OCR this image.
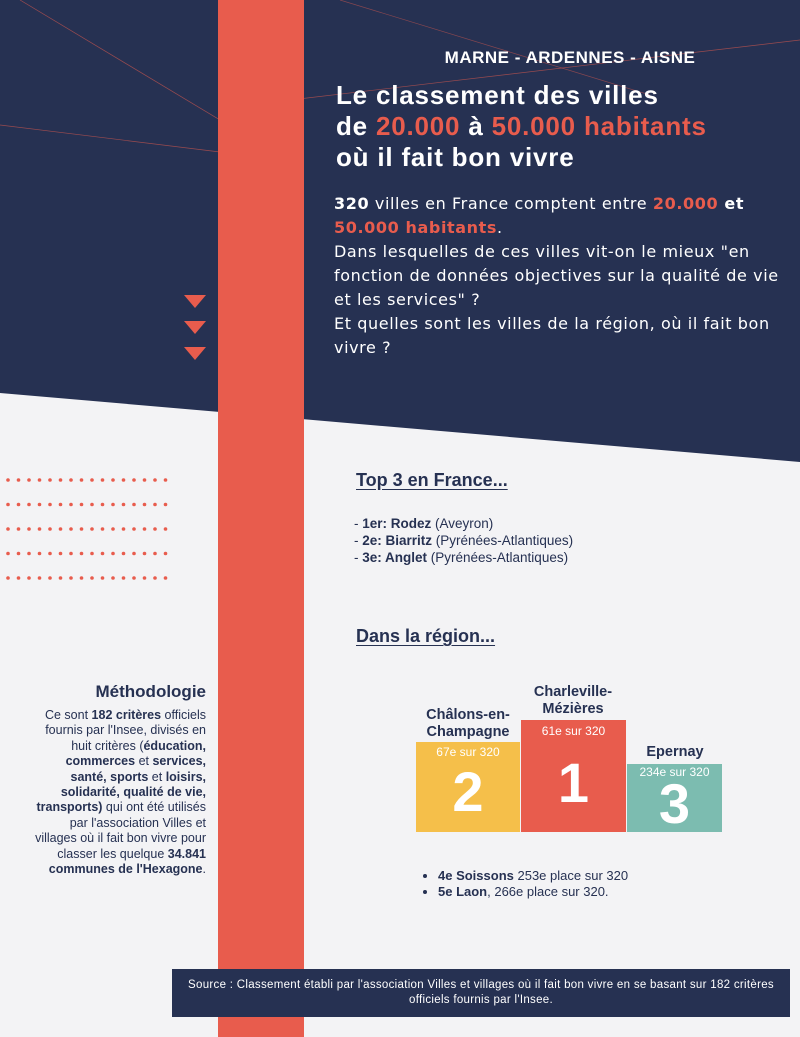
MARNE - ARDENNES - AISNE
Le classement des villes
de 20.000 à 50.000 habitants
où il fait bon vivre
320 villes en France comptent entre 20.000 et 50.000 habitants.
Dans lesquelles de ces villes vit-on le mieux "en fonction de données objectives sur la qualité de vie et les services" ?
Et quelles sont les villes de la région, où il fait bon vivre ?
Top 3 en France...
- 1er: Rodez (Aveyron)
- 2e: Biarritz (Pyrénées-Atlantiques)
- 3e: Anglet (Pyrénées-Atlantiques)
Dans la région...
Châlons-en-
Champagne
Charleville-
Mézières
Epernay
67e sur 320
61e sur 320
234e sur 320
2	1	3
• 4e Soissons 253e place sur 320
• 5e Laon, 266e place sur 320.
Méthodologie
Ce sont 182 critères officiels fournis par l'Insee, divisés en huit critères (éducation, commerces et services, santé, sports et loisirs, solidarité, qualité de vie, transports) qui ont été utilisés par l'association Villes et villages où il fait bon vivre pour classer les quelque 34.841 communes de l'Hexagone.
Source : Classement établi par l'association Villes et villages où il fait bon vivre en se basant sur 182 critères officiels fournis par l'Insee.
